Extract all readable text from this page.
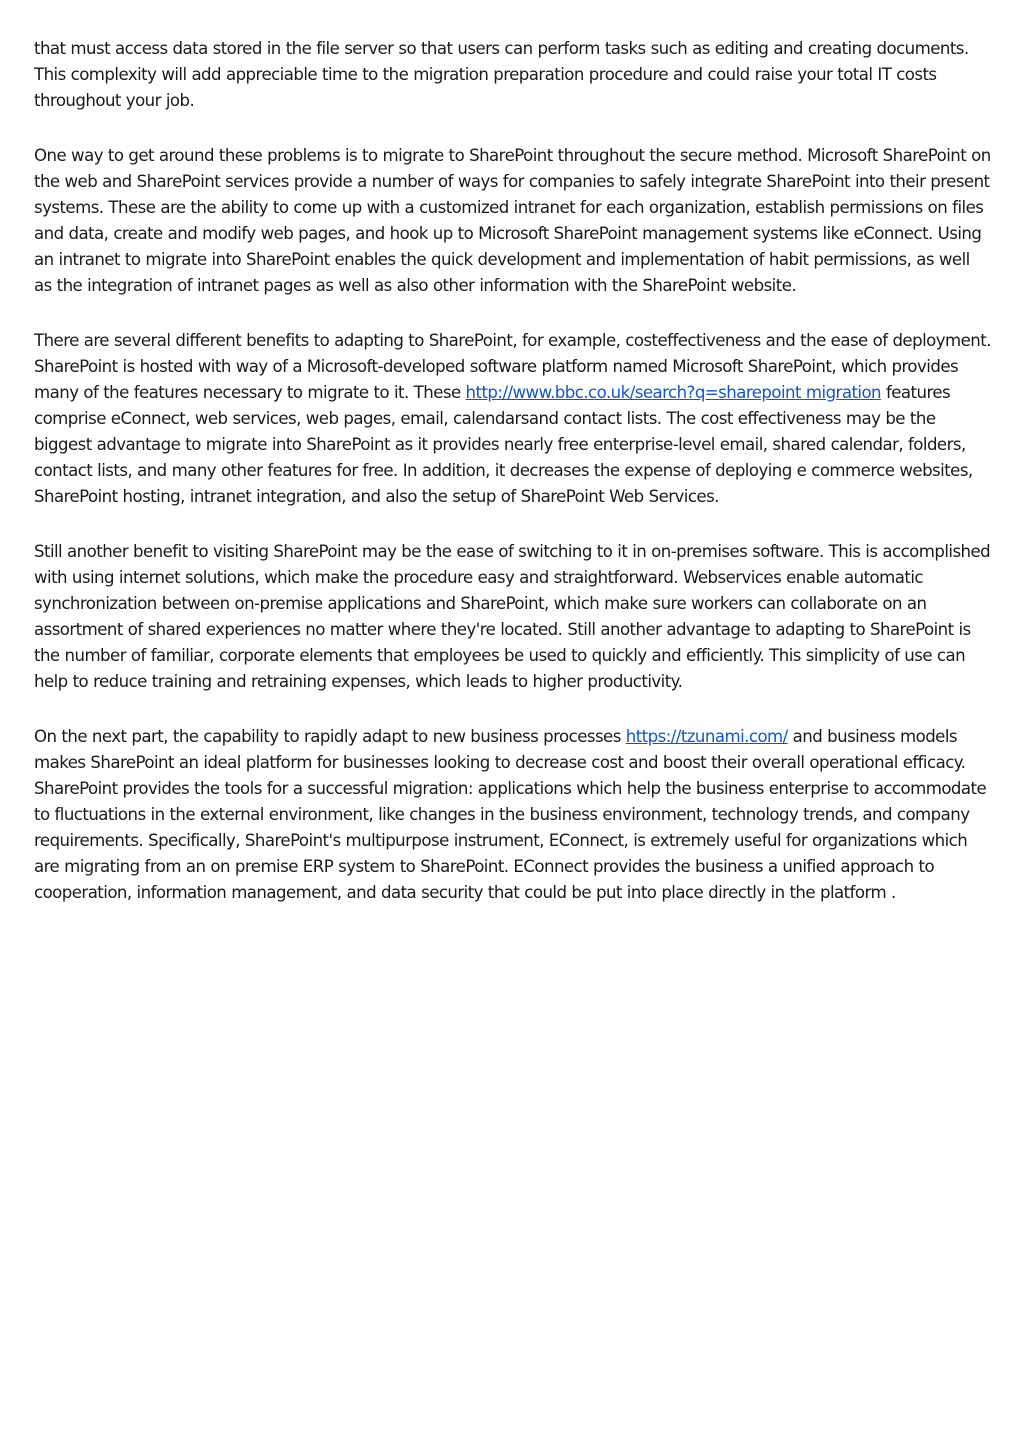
that must access data stored in the file server so that users can perform tasks such as editing and creating documents. This complexity will add appreciable time to the migration preparation procedure and could raise your total IT costs throughout your job.

One way to get around these problems is to migrate to SharePoint throughout the secure method. Microsoft SharePoint on the web and SharePoint services provide a number of ways for companies to safely integrate SharePoint into their present systems. These are the ability to come up with a customized intranet for each organization, establish permissions on files and data, create and modify web pages, and hook up to Microsoft SharePoint management systems like eConnect. Using an intranet to migrate into SharePoint enables the quick development and implementation of habit permissions, as well as the integration of intranet pages as well as also other information with the SharePoint website.

There are several different benefits to adapting to SharePoint, for example, costeffectiveness and the ease of deployment. SharePoint is hosted with way of a Microsoft-developed software platform named Microsoft SharePoint, which provides many of the features necessary to migrate to it. These http://www.bbc.co.uk/search?q=sharepoint migration features comprise eConnect, web services, web pages, email, calendarsand contact lists. The cost effectiveness may be the biggest advantage to migrate into SharePoint as it provides nearly free enterprise-level email, shared calendar, folders, contact lists, and many other features for free. In addition, it decreases the expense of deploying e commerce websites, SharePoint hosting, intranet integration, and also the setup of SharePoint Web Services.

Still another benefit to visiting SharePoint may be the ease of switching to it in on-premises software. This is accomplished with using internet solutions, which make the procedure easy and straightforward. Webservices enable automatic synchronization between on-premise applications and SharePoint, which make sure workers can collaborate on an assortment of shared experiences no matter where they're located. Still another advantage to adapting to SharePoint is the number of familiar, corporate elements that employees be used to quickly and efficiently. This simplicity of use can help to reduce training and retraining expenses, which leads to higher productivity.

On the next part, the capability to rapidly adapt to new business processes https://tzunami.com/ and business models makes SharePoint an ideal platform for businesses looking to decrease cost and boost their overall operational efficacy. SharePoint provides the tools for a successful migration: applications which help the business enterprise to accommodate to fluctuations in the external environment, like changes in the business environment, technology trends, and company requirements. Specifically, SharePoint's multipurpose instrument, EConnect, is extremely useful for organizations which are migrating from an on premise ERP system to SharePoint. EConnect provides the business a unified approach to cooperation, information management, and data security that could be put into place directly in the platform .
